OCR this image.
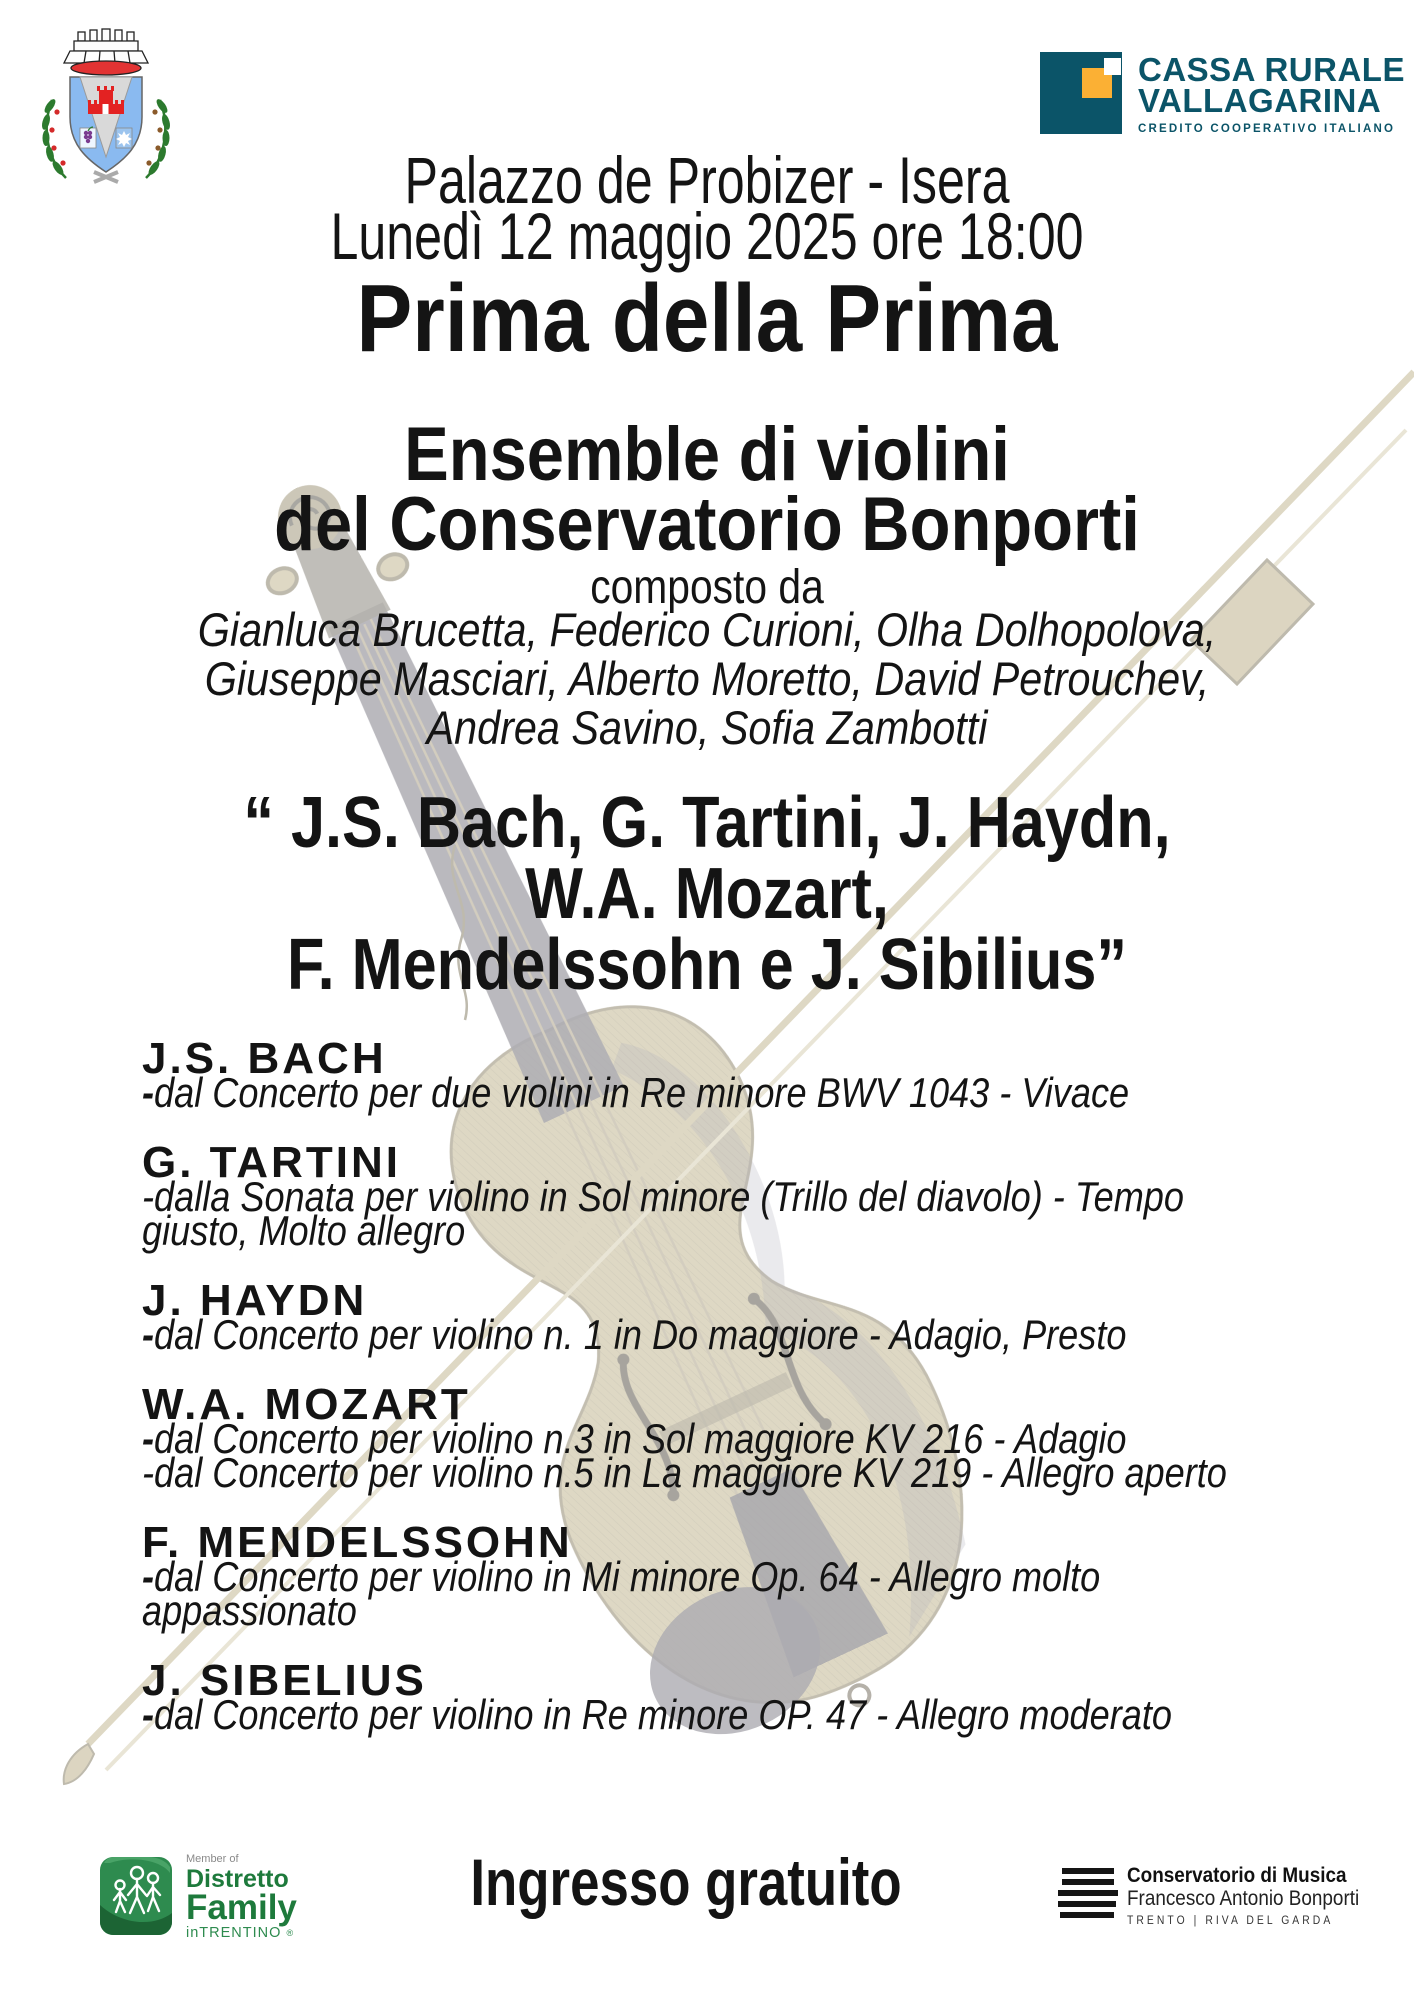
CASSA RURALE
VALLAGARINA
CREDITO COOPERATIVO ITALIANO
Palazzo de Probizer - Isera
Lunedì 12 maggio 2025 ore 18:00
Prima della Prima
Ensemble di violini
del Conservatorio Bonporti
composto da
Gianluca Brucetta, Federico Curioni, Olha Dolhopolova,
Giuseppe Masciari, Alberto Moretto, David Petrouchev,
Andrea Savino, Sofia Zambotti
“ J.S. Bach, G. Tartini, J. Haydn,
W.A. Mozart,
F. Mendelssohn e J. Sibilius”
J.S. BACH
-dal Concerto per due violini in Re minore BWV 1043 - Vivace
G. TARTINI
-dalla Sonata per violino in Sol minore (Trillo del diavolo) - Tempo
giusto, Molto allegro
J. HAYDN
-dal Concerto per violino n. 1 in Do maggiore - Adagio, Presto
W.A. MOZART
-dal Concerto per violino n.3 in Sol maggiore KV 216 - Adagio
-dal Concerto per violino n.5 in La maggiore KV 219 - Allegro aperto
F. MENDELSSOHN
-dal Concerto per violino in Mi minore Op. 64 - Allegro molto
appassionato
J. SIBELIUS
-dal Concerto per violino in Re minore OP. 47 - Allegro moderato
Ingresso gratuito
Member of
Distretto
Family
inTRENTINO ®
Conservatorio di Musica
Francesco Antonio Bonporti
TRENTO | RIVA DEL GARDA
